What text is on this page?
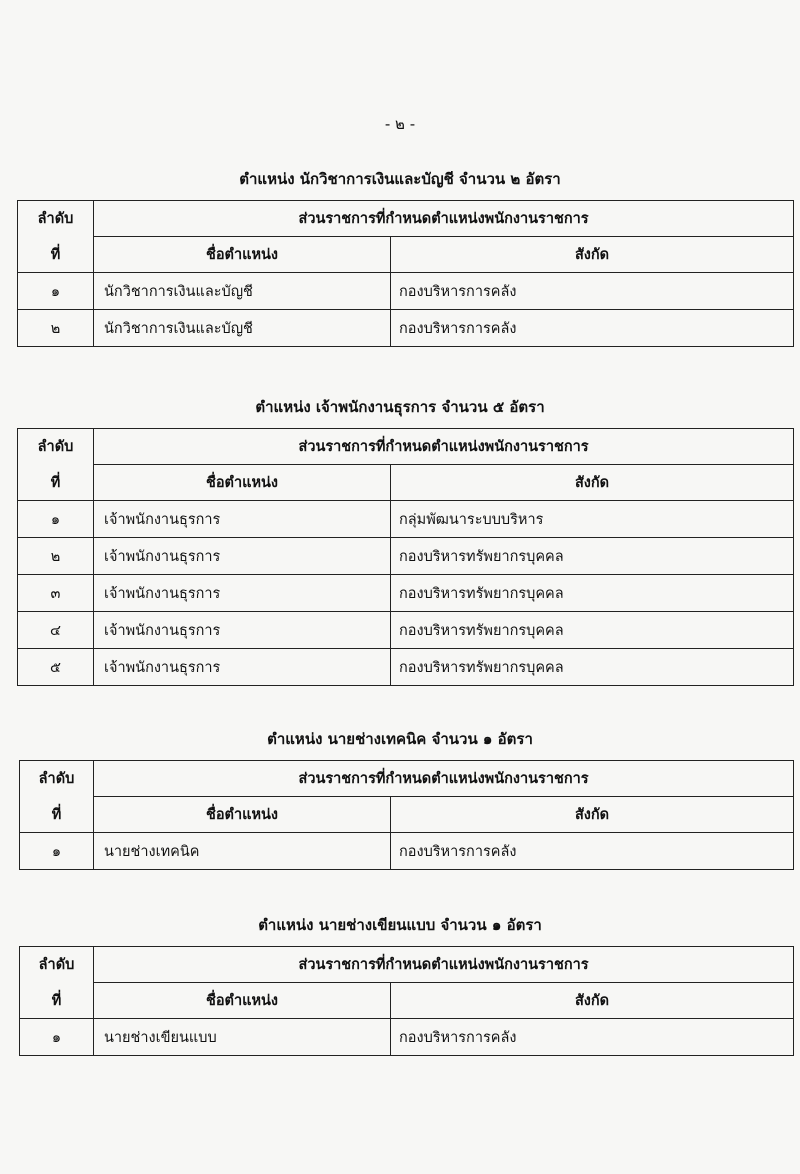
- ๒ -
ตำแหน่ง นักวิชาการเงินและบัญชี จำนวน ๒ อัตรา
ลำดับ	ส่วนราชการที่กำหนดตำแหน่งพนักงานราชการ	
ที่	ชื่อตำแหน่ง	สังกัด
๑	นักวิชาการเงินและบัญชี	กองบริหารการคลัง
๒	นักวิชาการเงินและบัญชี	กองบริหารการคลัง
ตำแหน่ง เจ้าพนักงานธุรการ จำนวน ๕ อัตรา
ลำดับ	ส่วนราชการที่กำหนดตำแหน่งพนักงานราชการ	
ที่	ชื่อตำแหน่ง	สังกัด
๑	เจ้าพนักงานธุรการ	กลุ่มพัฒนาระบบบริหาร
๒	เจ้าพนักงานธุรการ	กองบริหารทรัพยากรบุคคล
๓	เจ้าพนักงานธุรการ	กองบริหารทรัพยากรบุคคล
๔	เจ้าพนักงานธุรการ	กองบริหารทรัพยากรบุคคล
๕	เจ้าพนักงานธุรการ	กองบริหารทรัพยากรบุคคล
ตำแหน่ง นายช่างเทคนิค จำนวน ๑ อัตรา
ลำดับ	ส่วนราชการที่กำหนดตำแหน่งพนักงานราชการ	
ที่	ชื่อตำแหน่ง	สังกัด
๑	นายช่างเทคนิค	กองบริหารการคลัง
ตำแหน่ง นายช่างเขียนแบบ จำนวน ๑ อัตรา
ลำดับ	ส่วนราชการที่กำหนดตำแหน่งพนักงานราชการ	
ที่	ชื่อตำแหน่ง	สังกัด
๑	นายช่างเขียนแบบ	กองบริหารการคลัง
